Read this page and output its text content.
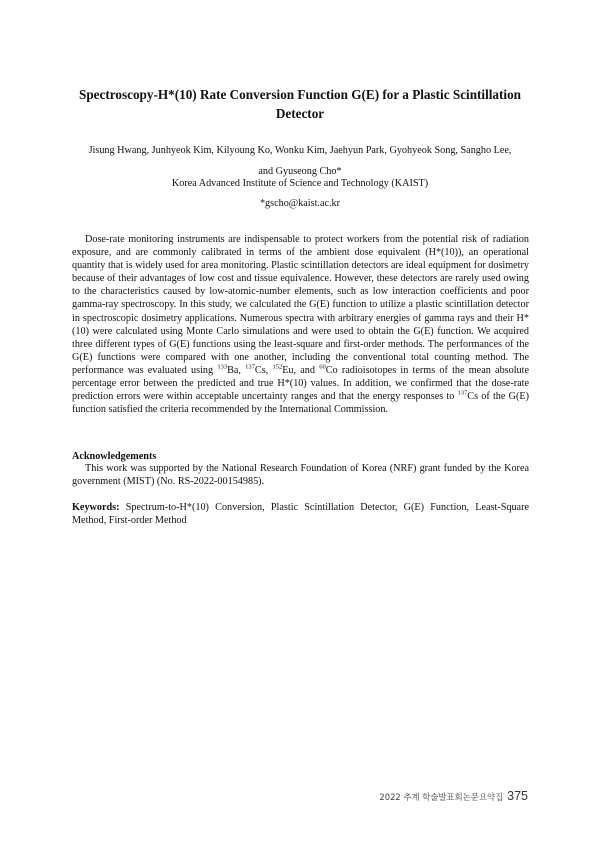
Spectroscopy-H*(10) Rate Conversion Function G(E) for a Plastic Scintillation Detector
Jisung Hwang, Junhyeok Kim, Kilyoung Ko, Wonku Kim, Jaehyun Park, Gyohyeok Song, Sangho Lee,
and Gyuseong Cho*
Korea Advanced Institute of Science and Technology (KAIST)
*gscho@kaist.ac.kr

Dose-rate monitoring instruments are indispensable to protect workers from the potential risk of radiation exposure, and are commonly calibrated in terms of the ambient dose equivalent (H*(10)), an operational quantity that is widely used for area monitoring. Plastic scintillation detectors are ideal equipment for dosimetry because of their advantages of low cost and tissue equivalence. However, these detectors are rarely used owing to the characteristics caused by low-atomic-number elements, such as low interaction coefficients and poor gamma-ray spectroscopy. In this study, we calculated the G(E) function to utilize a plastic scintillation detector in spectroscopic dosimetry applications. Numerous spectra with arbitrary energies of gamma rays and their H*(10) were calculated using Monte Carlo simulations and were used to obtain the G(E) function. We acquired three different types of G(E) functions using the least-square and first-order methods. The performances of the G(E) functions were compared with one another, including the conventional total counting method. The performance was evaluated using $^{133}$Ba, $^{137}$Cs, $^{152}$Eu, and $^{60}$Co radioisotopes in terms of the mean absolute percentage error between the predicted and true H*(10) values. In addition, we confirmed that the dose-rate prediction errors were within acceptable uncertainty ranges and that the energy responses to $^{137}$Cs of the G(E) function satisfied the criteria recommended by the International Commission.

Acknowledgements

This work was supported by the National Research Foundation of Korea (NRF) grant funded by the Korea government (MIST) (No. RS-2022-00154985).

Keywords: Spectrum-to-H*(10) Conversion, Plastic Scintillation Detector, G(E) Function, Least-Square Method, First-order Method

2022 추계 학술발표회논문요약집 375
